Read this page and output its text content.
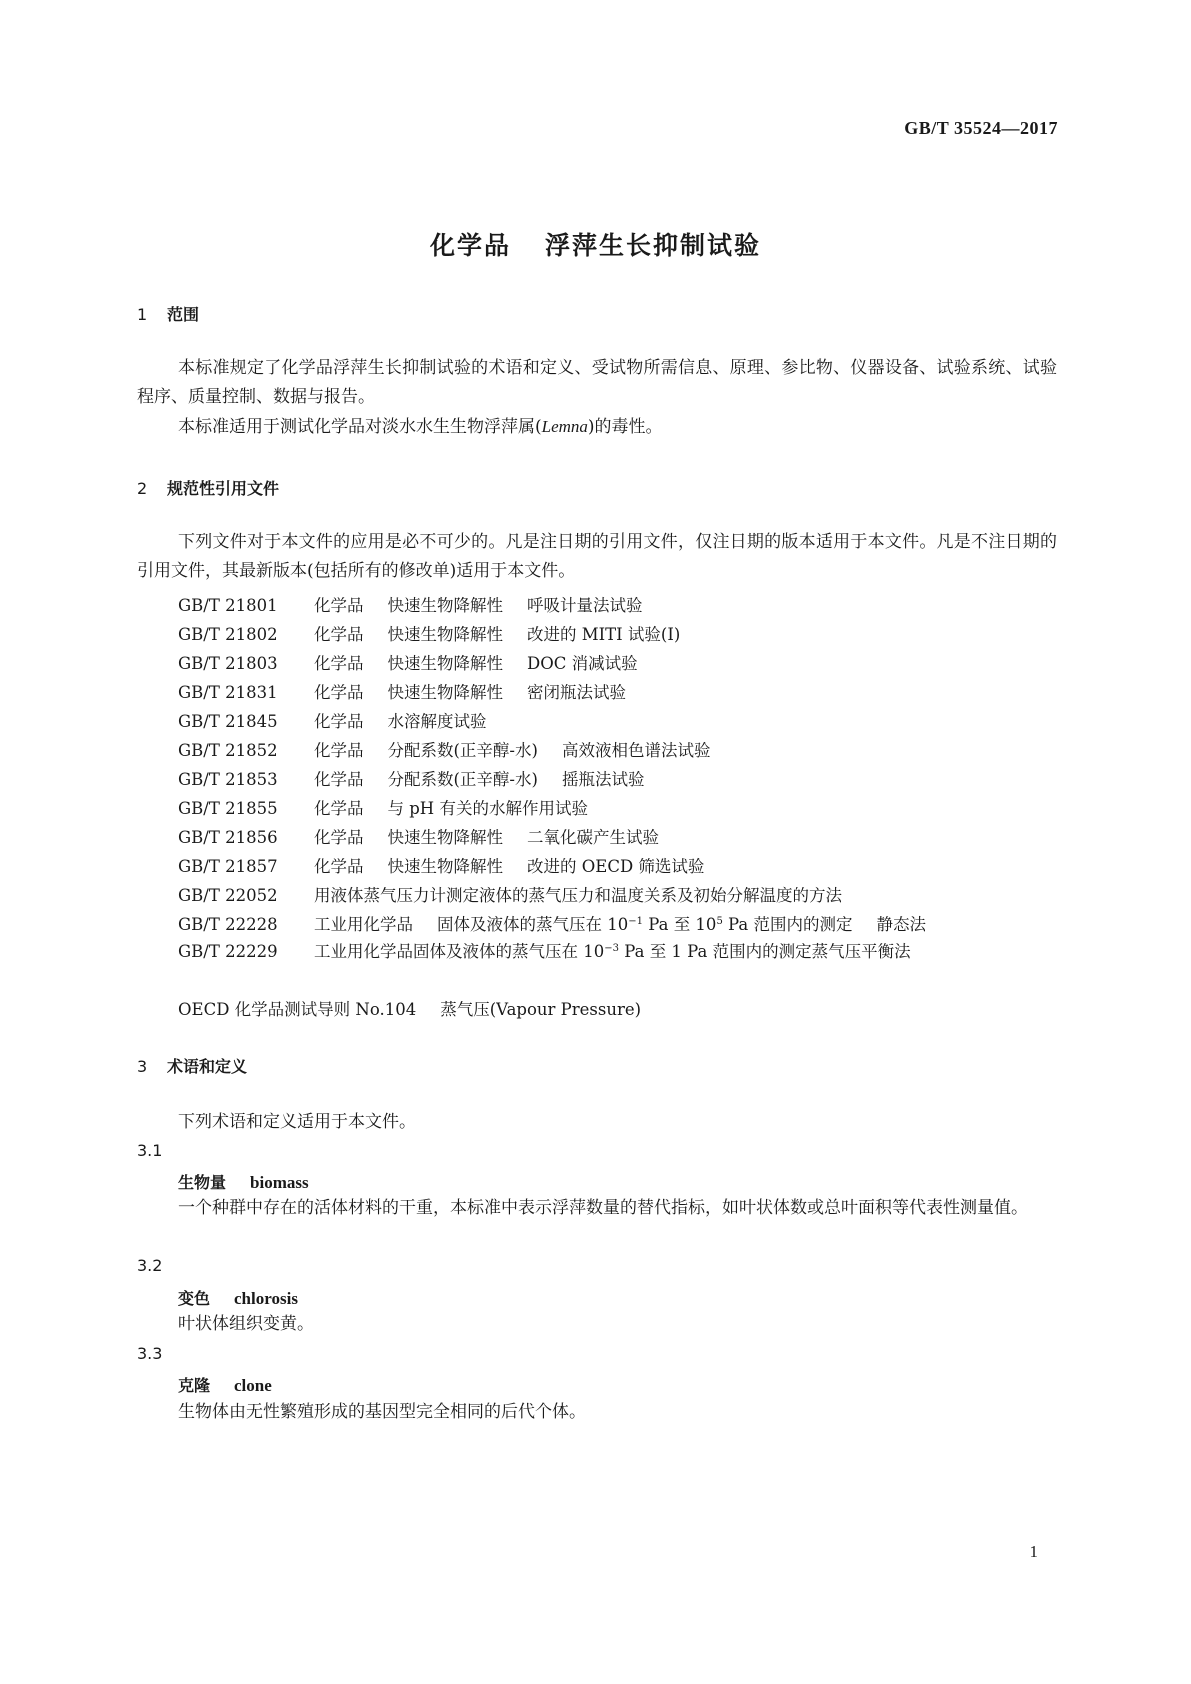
GB/T 35524—2017
化学品 浮萍生长抑制试验
1 范围
本标准规定了化学品浮萍生长抑制试验的术语和定义、受试物所需信息、原理、参比物、仪器设备、试验系统、试验程序、质量控制、数据与报告。
本标准适用于测试化学品对淡水水生生物浮萍属(Lemna)的毒性。
2 规范性引用文件
下列文件对于本文件的应用是必不可少的。凡是注日期的引用文件，仅注日期的版本适用于本文件。凡是不注日期的引用文件，其最新版本(包括所有的修改单)适用于本文件。
GB/T 21801 化学品 快速生物降解性 呼吸计量法试验
GB/T 21802 化学品 快速生物降解性 改进的 MITI 试验(Ⅰ)
GB/T 21803 化学品 快速生物降解性 DOC 消减试验
GB/T 21831 化学品 快速生物降解性 密闭瓶法试验
GB/T 21845 化学品 水溶解度试验
GB/T 21852 化学品 分配系数(正辛醇-水) 高效液相色谱法试验
GB/T 21853 化学品 分配系数(正辛醇-水) 摇瓶法试验
GB/T 21855 化学品 与 pH 有关的水解作用试验
GB/T 21856 化学品 快速生物降解性 二氧化碳产生试验
GB/T 21857 化学品 快速生物降解性 改进的 OECD 筛选试验
GB/T 22052 用液体蒸气压力计测定液体的蒸气压力和温度关系及初始分解温度的方法
GB/T 22228 工业用化学品 固体及液体的蒸气压在 $10^{-1}$ Pa 至 $10^5$ Pa 范围内的测定 静态法
GB/T 22229 工业用化学品固体及液体的蒸气压在 $10^{-3}$ Pa 至 1 Pa 范围内的测定蒸气压平衡法
OECD 化学品测试导则 No.104 蒸气压(Vapour Pressure)
3 术语和定义
下列术语和定义适用于本文件。
3.1
生物量 biomass
一个种群中存在的活体材料的干重，本标准中表示浮萍数量的替代指标，如叶状体数或总叶面积等代表性测量值。
3.2
变色 chlorosis
叶状体组织变黄。
3.3
克隆 clone
生物体由无性繁殖形成的基因型完全相同的后代个体。
1
